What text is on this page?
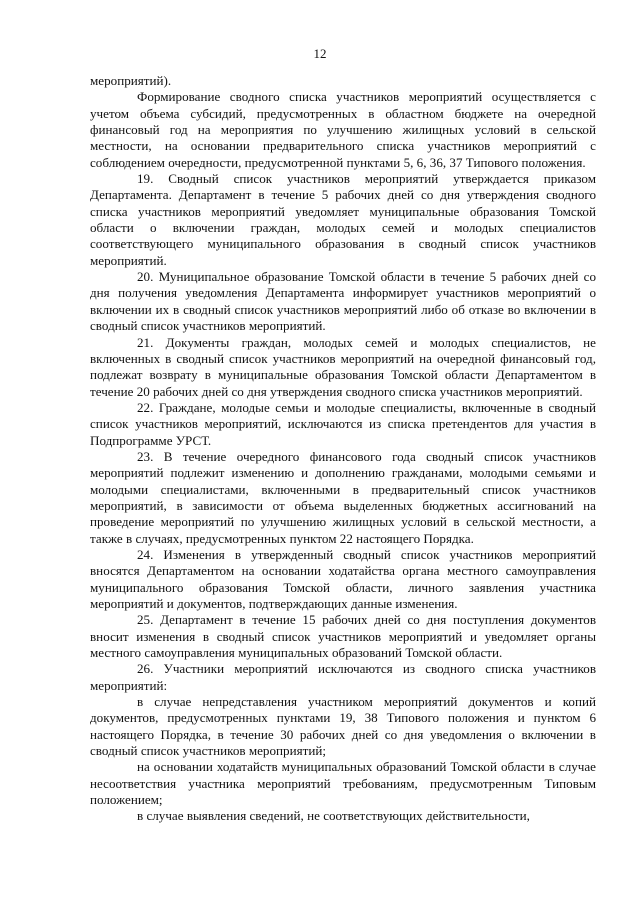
12

мероприятий).

Формирование сводного списка участников мероприятий осуществляется с учетом объема субсидий, предусмотренных в областном бюджете на очередной финансовый год на мероприятия по улучшению жилищных условий в сельской местности, на основании предварительного списка участников мероприятий с соблюдением очередности, предусмотренной пунктами 5, 6, 36, 37 Типового положения.

19. Сводный список участников мероприятий утверждается приказом Департамента. Департамент в течение 5 рабочих дней со дня утверждения сводного списка участников мероприятий уведомляет муниципальные образования Томской области о включении граждан, молодых семей и молодых специалистов соответствующего муниципального образования в сводный список участников мероприятий.

20. Муниципальное образование Томской области в течение 5 рабочих дней со дня получения уведомления Департамента информирует участников мероприятий о включении их в сводный список участников мероприятий либо об отказе во включении в сводный список участников мероприятий.

21. Документы граждан, молодых семей и молодых специалистов, не включенных в сводный список участников мероприятий на очередной финансовый год, подлежат возврату в муниципальные образования Томской области Департаментом в течение 20 рабочих дней со дня утверждения сводного списка участников мероприятий.

22. Граждане, молодые семьи и молодые специалисты, включенные в сводный список участников мероприятий, исключаются из списка претендентов для участия в Подпрограмме УРСТ.

23. В течение очередного финансового года сводный список участников мероприятий подлежит изменению и дополнению гражданами, молодыми семьями и молодыми специалистами, включенными в предварительный список участников мероприятий, в зависимости от объема выделенных бюджетных ассигнований на проведение мероприятий по улучшению жилищных условий в сельской местности, а также в случаях, предусмотренных пунктом 22 настоящего Порядка.

24. Изменения в утвержденный сводный список участников мероприятий вносятся Департаментом на основании ходатайства органа местного самоуправления муниципального образования Томской области, личного заявления участника мероприятий и документов, подтверждающих данные изменения.

25. Департамент в течение 15 рабочих дней со дня поступления документов вносит изменения в сводный список участников мероприятий и уведомляет органы местного самоуправления муниципальных образований Томской области.

26. Участники мероприятий исключаются из сводного списка участников мероприятий:

в случае непредставления участником мероприятий документов и копий документов, предусмотренных пунктами 19, 38 Типового положения и пунктом 6 настоящего Порядка, в течение 30 рабочих дней со дня уведомления о включении в сводный список участников мероприятий;

на основании ходатайств муниципальных образований Томской области в случае несоответствия участника мероприятий требованиям, предусмотренным Типовым положением;

в случае выявления сведений, не соответствующих действительности,
